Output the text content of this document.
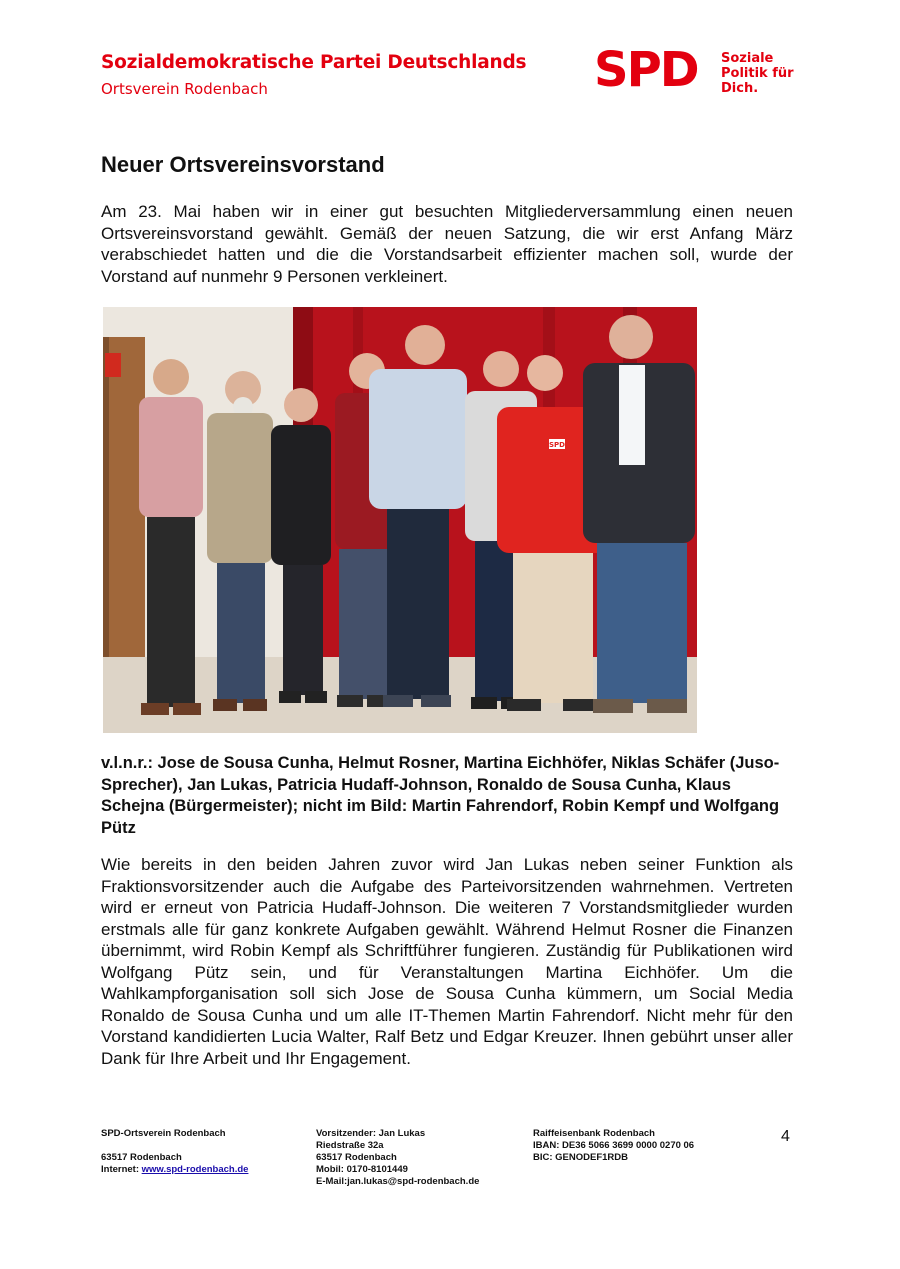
Sozialdemokratische Partei Deutschlands
Ortsverein Rodenbach	SPD Soziale
Politik für
Dich.
Neuer Ortsvereinsvorstand

Am 23. Mai haben wir in einer gut besuchten Mitgliederversammlung einen neuen Ortsvereinsvorstand gewählt. Gemäß der neuen Satzung, die wir erst Anfang März verabschiedet hatten und die die Vorstandsarbeit effizienter machen soll, wurde der Vorstand auf nunmehr 9 Personen verkleinert.

SPD

v.l.n.r.: Jose de Sousa Cunha, Helmut Rosner, Martina Eichhöfer, Niklas Schäfer (Juso-Sprecher), Jan Lukas, Patricia Hudaff-Johnson, Ronaldo de Sousa Cunha, Klaus Schejna (Bürgermeister); nicht im Bild: Martin Fahrendorf, Robin Kempf und Wolfgang Pütz

Wie bereits in den beiden Jahren zuvor wird Jan Lukas neben seiner Funktion als Fraktionsvorsitzender auch die Aufgabe des Parteivorsitzenden wahrnehmen. Vertreten wird er erneut von Patricia Hudaff-Johnson. Die weiteren 7 Vorstandsmitglieder wurden erstmals alle für ganz konkrete Aufgaben gewählt. Während Helmut Rosner die Finanzen übernimmt, wird Robin Kempf als Schriftführer fungieren. Zuständig für Publikationen wird Wolfgang Pütz sein, und für Veranstaltungen Martina Eichhöfer. Um die Wahlkampforganisation soll sich Jose de Sousa Cunha kümmern, um Social Media Ronaldo de Sousa Cunha und um alle IT-Themen Martin Fahrendorf. Nicht mehr für den Vorstand kandidierten Lucia Walter, Ralf Betz und Edgar Kreuzer. Ihnen gebührt unser aller Dank für Ihre Arbeit und Ihr Engagement.

SPD-Ortsverein Rodenbach
63517 Rodenbach
Internet: www.spd-rodenbach.de
Vorsitzender: Jan Lukas
Riedstraße 32a
63517 Rodenbach
Mobil: 0170-8101449
E-Mail:jan.lukas@spd-rodenbach.de
Raiffeisenbank Rodenbach
IBAN: DE36 5066 3699 0000 0270 06
BIC: GENODEF1RDB
4
